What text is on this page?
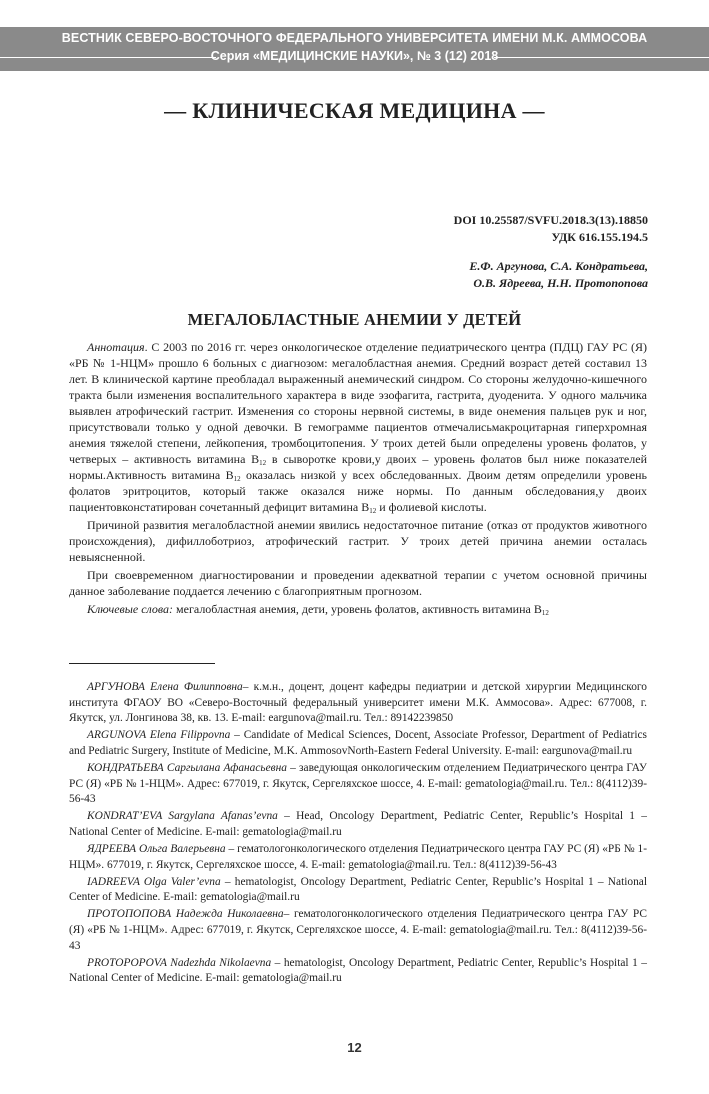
ВЕСТНИК СЕВЕРО-ВОСТОЧНОГО ФЕДЕРАЛЬНОГО УНИВЕРСИТЕТА ИМЕНИ М.К. АММОСОВА
Серия «МЕДИЦИНСКИЕ НАУКИ», № 3 (12) 2018
— КЛИНИЧЕСКАЯ МЕДИЦИНА —
DOI 10.25587/SVFU.2018.3(13).18850
УДК 616.155.194.5
Е.Ф. Аргунова, С.А. Кондратьева,
О.В. Ядреева, Н.Н. Протопопова
МЕГАЛОБЛАСТНЫЕ АНЕМИИ У ДЕТЕЙ

Аннотация. С 2003 по 2016 гг. через онкологическое отделение педиатрического центра (ПДЦ) ГАУ РС (Я) «РБ № 1-НЦМ» прошло 6 больных с диагнозом: мегалобластная анемия. Средний возраст детей составил 13 лет. В клинической картине преобладал выраженный анемический синдром. Со стороны желудочно-кишечного тракта были изменения воспалительного характера в виде эзофагита, гастрита, дуоденита. У одного мальчика выявлен атрофический гастрит. Изменения со стороны нервной системы, в виде онемения пальцев рук и ног, присутствовали только у одной девочки. В гемограмме пациентов отмечалисьмакроцитарная гиперхромная анемия тяжелой степени, лейкопения, тромбоцитопения. У троих детей были определены уровень фолатов, у четверых – активность витамина $B_{12}$ в сыворотке крови,у двоих – уровень фолатов был ниже показателей нормы.Активность витамина $B_{12}$ оказалась низкой у всех обследованных. Двоим детям определили уровень фолатов эритроцитов, который также оказался ниже нормы. По данным обследования,у двоих пациентовконстатирован сочетанный дефицит витамина $B_{12}$ и фолиевой кислоты.

Причиной развития мегалобластной анемии явились недостаточное питание (отказ от продуктов животного происхождения), дифиллоботриоз, атрофический гастрит. У троих детей причина анемии осталась невыясненной.

При своевременном диагностировании и проведении адекватной терапии с учетом основной причины данное заболевание поддается лечению с благоприятным прогнозом.

Ключевые слова: мегалобластная анемия, дети, уровень фолатов, активность витамина $B_{12}$

АРГУНОВА Елена Филипповна– к.м.н., доцент, доцент кафедры педиатрии и детской хирургии Медицинского института ФГАОУ ВО «Северо-Восточный федеральный университет имени М.К. Аммосова». Адрес: 677008, г. Якутск, ул. Лонгинова 38, кв. 13. E-mail: eargunova@mail.ru. Тел.: 89142239850

ARGUNOVA Elena Filippovna – Candidate of Medical Sciences, Docent, Associate Professor, Department of Pediatrics and Pediatric Surgery, Institute of Medicine, M.K. AmmosovNorth-Eastern Federal University. E-mail: eargunova@mail.ru

КОНДРАТЬЕВА Саргылана Афанасьевна – заведующая онкологическим отделением Педиатрического центра ГАУ РС (Я) «РБ № 1-НЦМ». Адрес: 677019, г. Якутск, Сергеляхское шоссе, 4. E-mail: gematologia@mail.ru. Тел.: 8(4112)39-56-43

KONDRAT’EVA Sargylana Afanas’evna – Head, Oncology Department, Pediatric Center, Republic’s Hospital 1 – National Center of Medicine. E-mail: gematologia@mail.ru

ЯДРЕЕВА Ольга Валерьевна – гематологонкологического отделения Педиатрического центра ГАУ РС (Я) «РБ № 1-НЦМ». 677019, г. Якутск, Сергеляхское шоссе, 4. E-mail: gematologia@mail.ru. Тел.: 8(4112)39-56-43

IADREEVA Olga Valer’evna – hematologist, Oncology Department, Pediatric Center, Republic’s Hospital 1 – National Center of Medicine. E-mail: gematologia@mail.ru

ПРОТОПОПОВА Надежда Николаевна– гематологонкологического отделения Педиатрического центра ГАУ РС (Я) «РБ № 1-НЦМ». Адрес: 677019, г. Якутск, Сергеляхское шоссе, 4. E-mail: gematologia@mail.ru. Тел.: 8(4112)39-56-43

PROTOPOPOVA Nadezhda Nikolaevna – hematologist, Oncology Department, Pediatric Center, Republic’s Hospital 1 – National Center of Medicine. E-mail: gematologia@mail.ru

12
